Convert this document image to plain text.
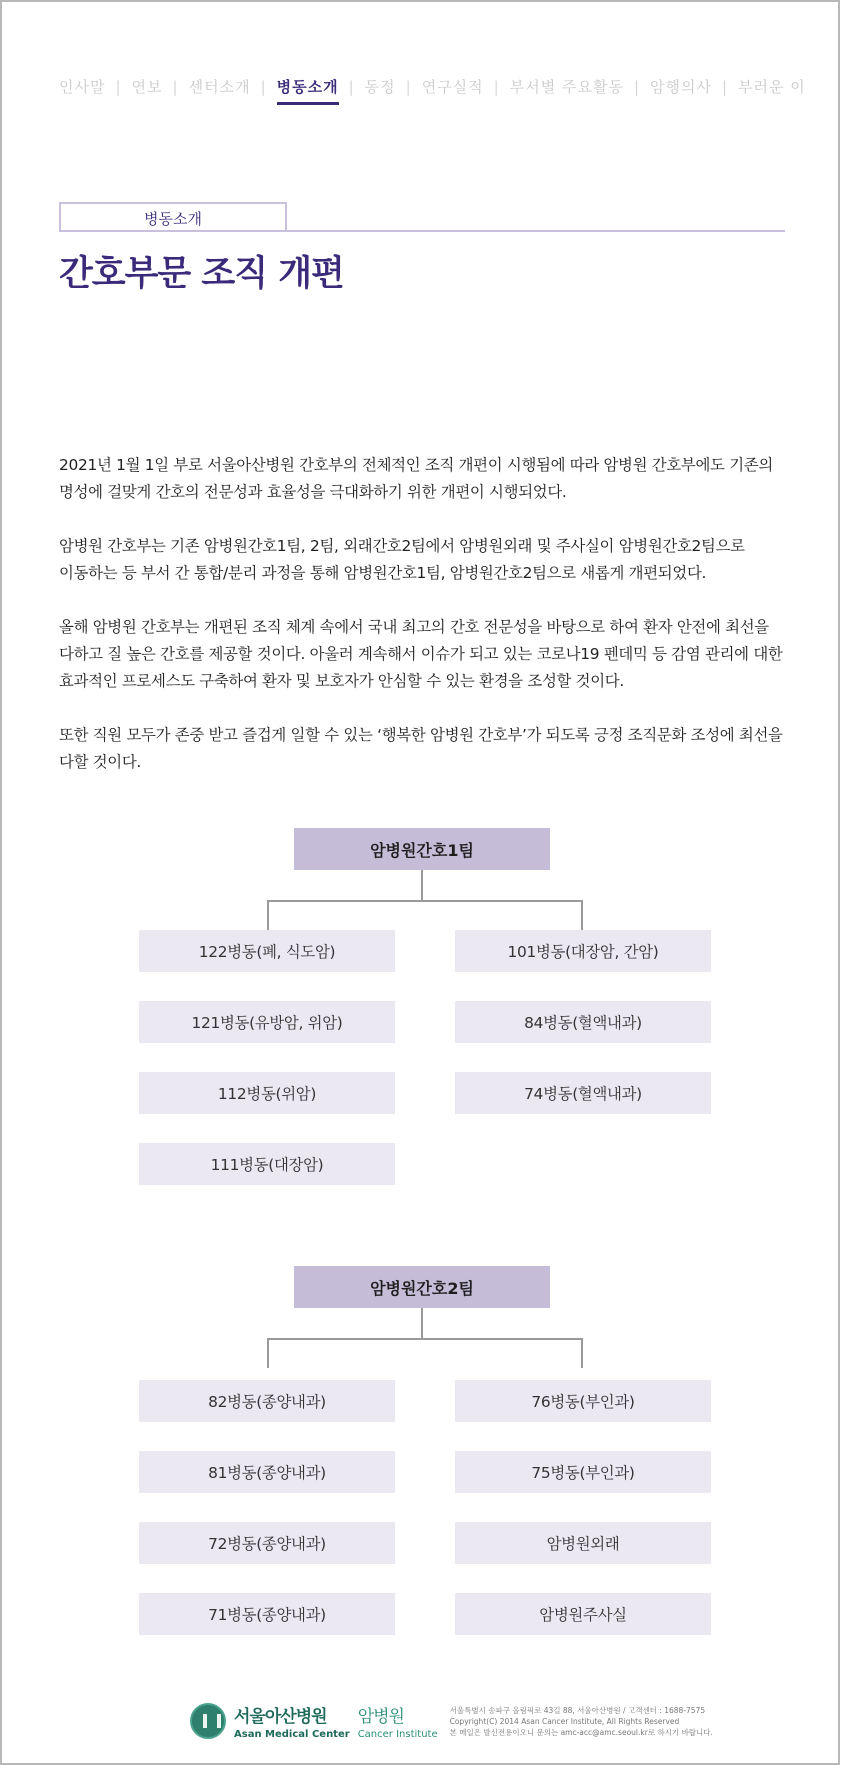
인사말 | 연보 | 센터소개 | 병동소개 | 동정 | 연구실적 | 부서별 주요활동 | 암행의사 | 부러운 이
병동소개
간호부문 조직 개편

2021년 1월 1일 부로 서울아산병원 간호부의 전체적인 조직 개편이 시행됨에 따라 암병원 간호부에도 기존의 명성에 걸맞게 간호의 전문성과 효율성을 극대화하기 위한 개편이 시행되었다.

암병원 간호부는 기존 암병원간호1팀, 2팀, 외래간호2팀에서 암병원외래 및 주사실이 암병원간호2팀으로 이동하는 등 부서 간 통합/분리 과정을 통해 암병원간호1팀, 암병원간호2팀으로 새롭게 개편되었다.

올해 암병원 간호부는 개편된 조직 체계 속에서 국내 최고의 간호 전문성을 바탕으로 하여 환자 안전에 최선을 다하고 질 높은 간호를 제공할 것이다. 아울러 계속해서 이슈가 되고 있는 코로나19 펜데믹 등 감염 관리에 대한 효과적인 프로세스도 구축하여 환자 및 보호자가 안심할 수 있는 환경을 조성할 것이다.

또한 직원 모두가 존중 받고 즐겁게 일할 수 있는 ‘행복한 암병원 간호부’가 되도록 긍정 조직문화 조성에 최선을 다할 것이다.

암병원간호1팀
122병동(폐, 식도암)
121병동(유방암, 위암)
112병동(위암)
111병동(대장암)
101병동(대장암, 간암)
84병동(혈액내과)
74병동(혈액내과)
암병원간호2팀
82병동(종양내과)
81병동(종양내과)
72병동(종양내과)
71병동(종양내과)
76병동(부인과)
75병동(부인과)
암병원외래
암병원주사실
서울아산병원
Asan Medical Center
암병원
Cancer Institute
서울특별시 송파구 올림픽로 43길 88, 서울아산병원 / 고객센터 : 1688-7575
Copyright(C) 2014 Asan Cancer Institute, All Rights Reserved
본 메일은 발신전용이오니 문의는 amc-acc@amc.seoul.kr로 하시기 바랍니다.
